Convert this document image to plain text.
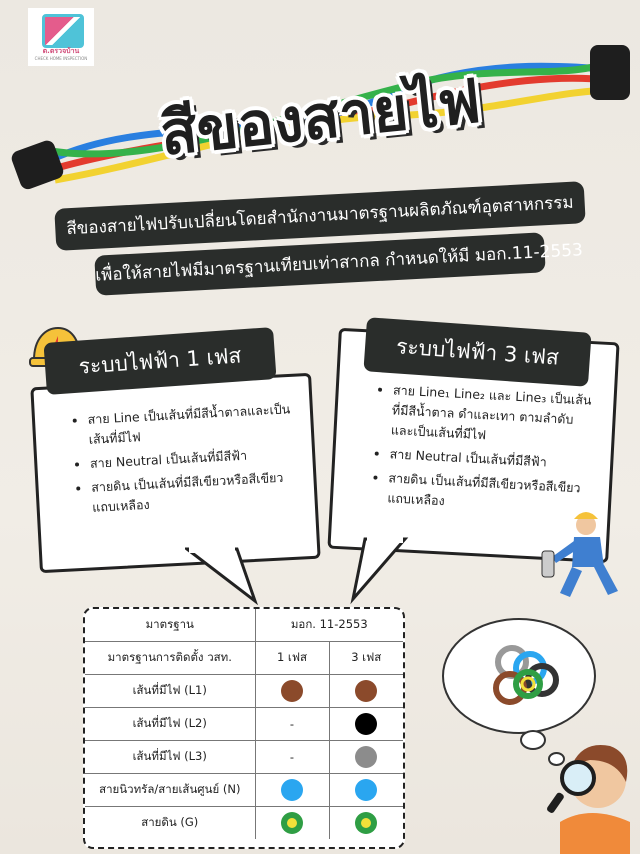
ต.ตรวจบ้าน
CHECK HOME INSPECTION
สีของสายไฟ
สีของสายไฟปรับเปลี่ยนโดยสำนักงานมาตรฐานผลิตภัณฑ์อุตสาหกรรม
เพื่อให้สายไฟมีมาตรฐานเทียบเท่าสากล กำหนดให้มี มอก.11-2553
ระบบไฟฟ้า 1 เฟส
• สาย Line เป็นเส้นที่มีสีน้ำตาลและเป็นเส้นที่มีไฟ
• สาย Neutral เป็นเส้นที่มีสีฟ้า
• สายดิน เป็นเส้นที่มีสีเขียวหรือสีเขียวแถบเหลือง
ระบบไฟฟ้า 3 เฟส
• สาย Line₁ Line₂ และ Line₃ เป็นเส้นที่มีสีน้ำตาล ดำและเทา ตามลำดับ และเป็นเส้นที่มีไฟ
• สาย Neutral เป็นเส้นที่มีสีฟ้า
• สายดิน เป็นเส้นที่มีสีเขียวหรือสีเขียวแถบเหลือง
มาตรฐาน	มอก. 11-2553	
มาตรฐานการติดตั้ง วสท.	1 เฟส	3 เฟส
เส้นที่มีไฟ (L1)		
เส้นที่มีไฟ (L2)	-	
เส้นที่มีไฟ (L3)	-	
สายนิวทรัล/สายเส้นศูนย์ (N)		
สายดิน (G)		
